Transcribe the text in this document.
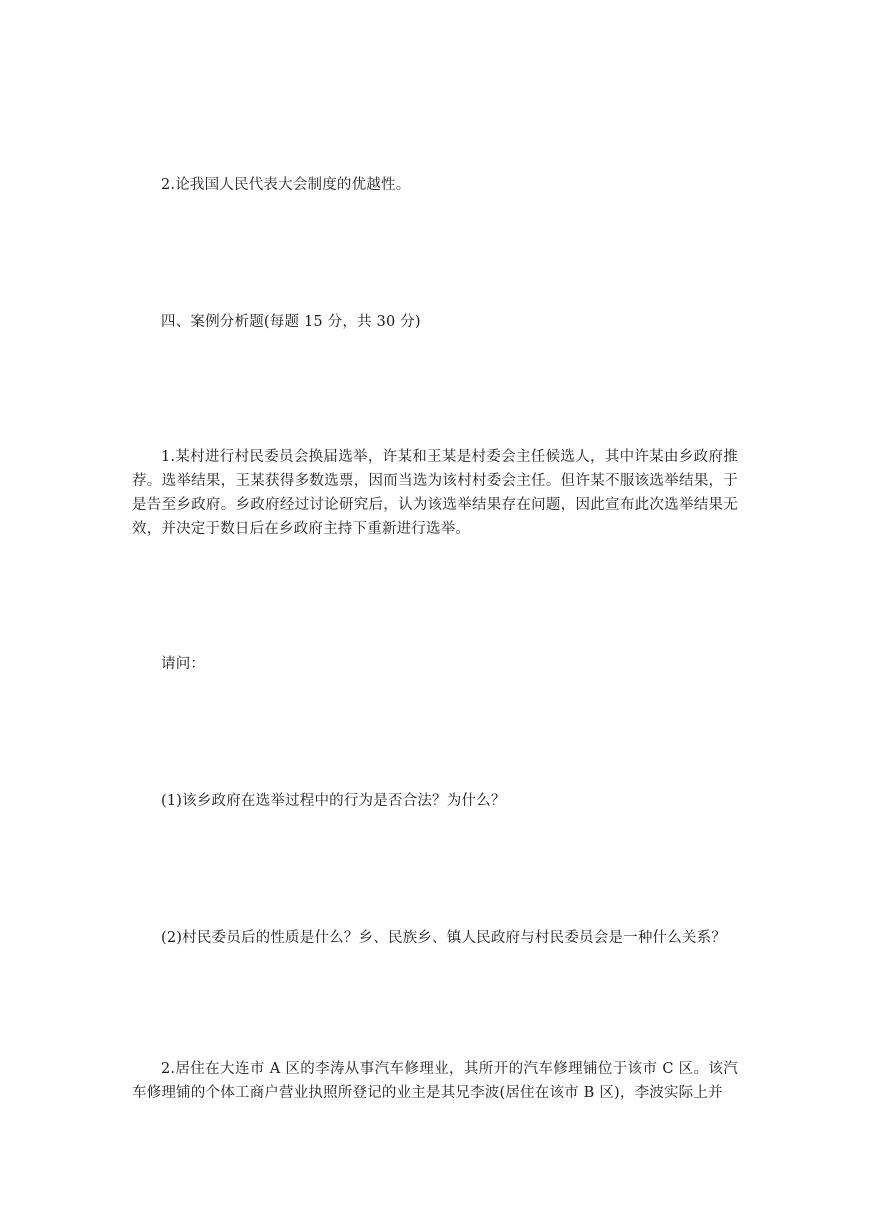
2.论我国人民代表大会制度的优越性。

四、案例分析题(每题 15 分，共 30 分)

1.某村进行村民委员会换届选举，许某和王某是村委会主任候选人，其中许某由乡政府推荐。选举结果，王某获得多数选票，因而当选为该村村委会主任。但许某不服该选举结果，于是告至乡政府。乡政府经过讨论研究后，认为该选举结果存在问题，因此宣布此次选举结果无效，并决定于数日后在乡政府主持下重新进行选举。

请问：

(1)该乡政府在选举过程中的行为是否合法？为什么？

(2)村民委员后的性质是什么？乡、民族乡、镇人民政府与村民委员会是一种什么关系？

2.居住在大连市 A 区的李涛从事汽车修理业，其所开的汽车修理铺位于该市 C 区。该汽车修理铺的个体工商户营业执照所登记的业主是其兄李波(居住在该市 B 区)，李波实际上并
